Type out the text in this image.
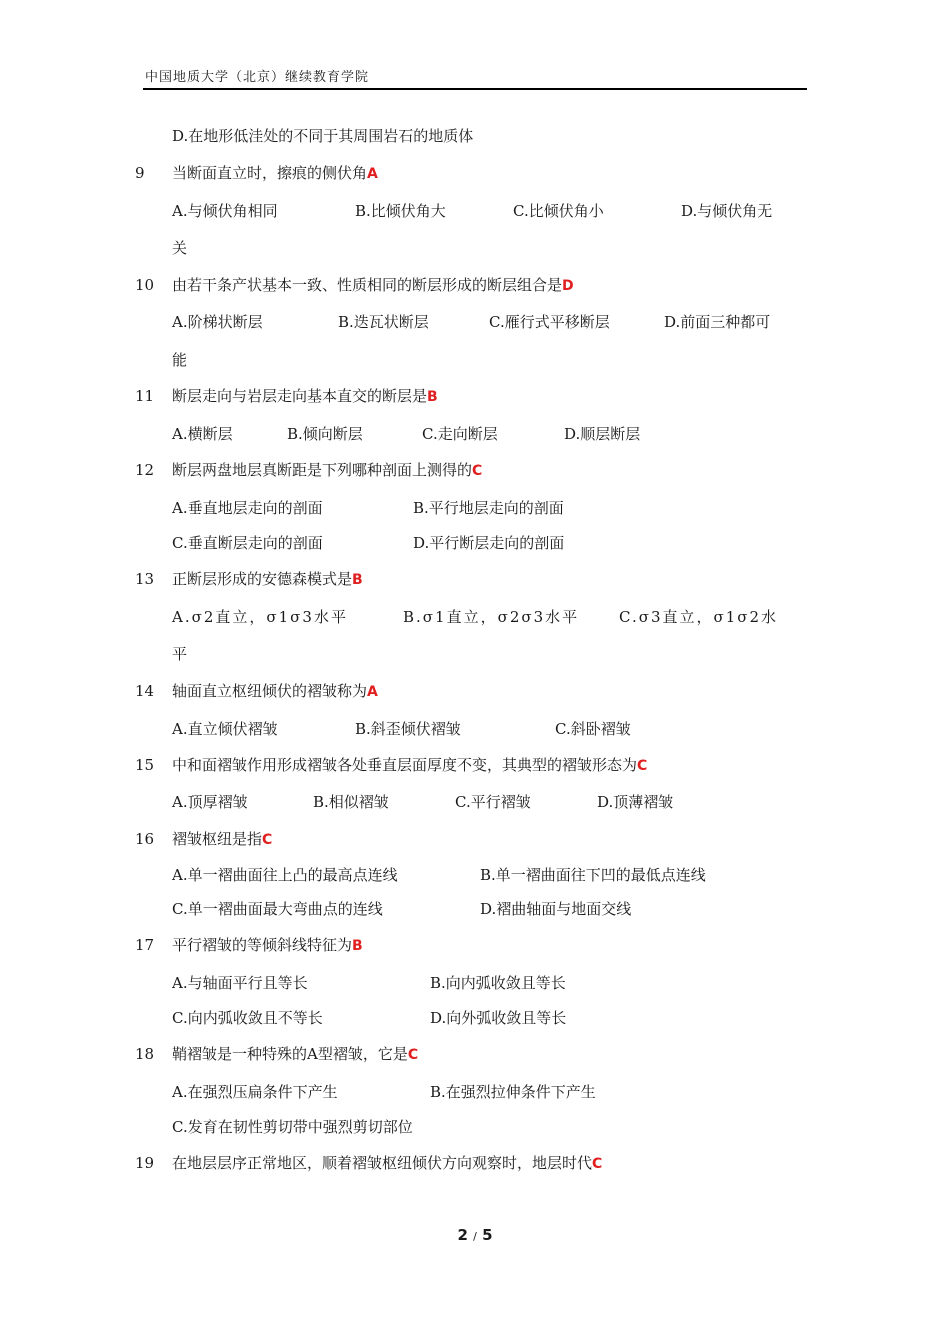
中国地质大学（北京）继续教育学院
D.在地形低洼处的不同于其周围岩石的地质体
9 当断面直立时，擦痕的侧伏角A
A.与倾伏角相同	B.比倾伏角大	C.比倾伏角小	D.与倾伏角无
关
10 由若干条产状基本一致、性质相同的断层形成的断层组合是D
A.阶梯状断层	B.迭瓦状断层	C.雁行式平移断层	D.前面三种都可
能
11 断层走向与岩层走向基本直交的断层是B
A.横断层	B.倾向断层	C.走向断层	D.顺层断层
12 断层两盘地层真断距是下列哪种剖面上测得的C
A.垂直地层走向的剖面	B.平行地层走向的剖面
C.垂直断层走向的剖面	D.平行断层走向的剖面
13 正断层形成的安德森模式是B
A.σ2直立，σ1σ3水平	B.σ1直立，σ2σ3水平	C.σ3直立，σ1σ2水
平
14 轴面直立枢纽倾伏的褶皱称为A
A.直立倾伏褶皱	B.斜歪倾伏褶皱	C.斜卧褶皱
15 中和面褶皱作用形成褶皱各处垂直层面厚度不变，其典型的褶皱形态为C
A.顶厚褶皱	B.相似褶皱	C.平行褶皱	D.顶薄褶皱
16 褶皱枢纽是指C
A.单一褶曲面往上凸的最高点连线	B.单一褶曲面往下凹的最低点连线
C.单一褶曲面最大弯曲点的连线	D.褶曲轴面与地面交线
17 平行褶皱的等倾斜线特征为B
A.与轴面平行且等长	B.向内弧收敛且等长
C.向内弧收敛且不等长	D.向外弧收敛且等长
18 鞘褶皱是一种特殊的A型褶皱，它是C
A.在强烈压扁条件下产生	B.在强烈拉伸条件下产生
C.发育在韧性剪切带中强烈剪切部位
19 在地层层序正常地区，顺着褶皱枢纽倾伏方向观察时，地层时代C
2 / 5
